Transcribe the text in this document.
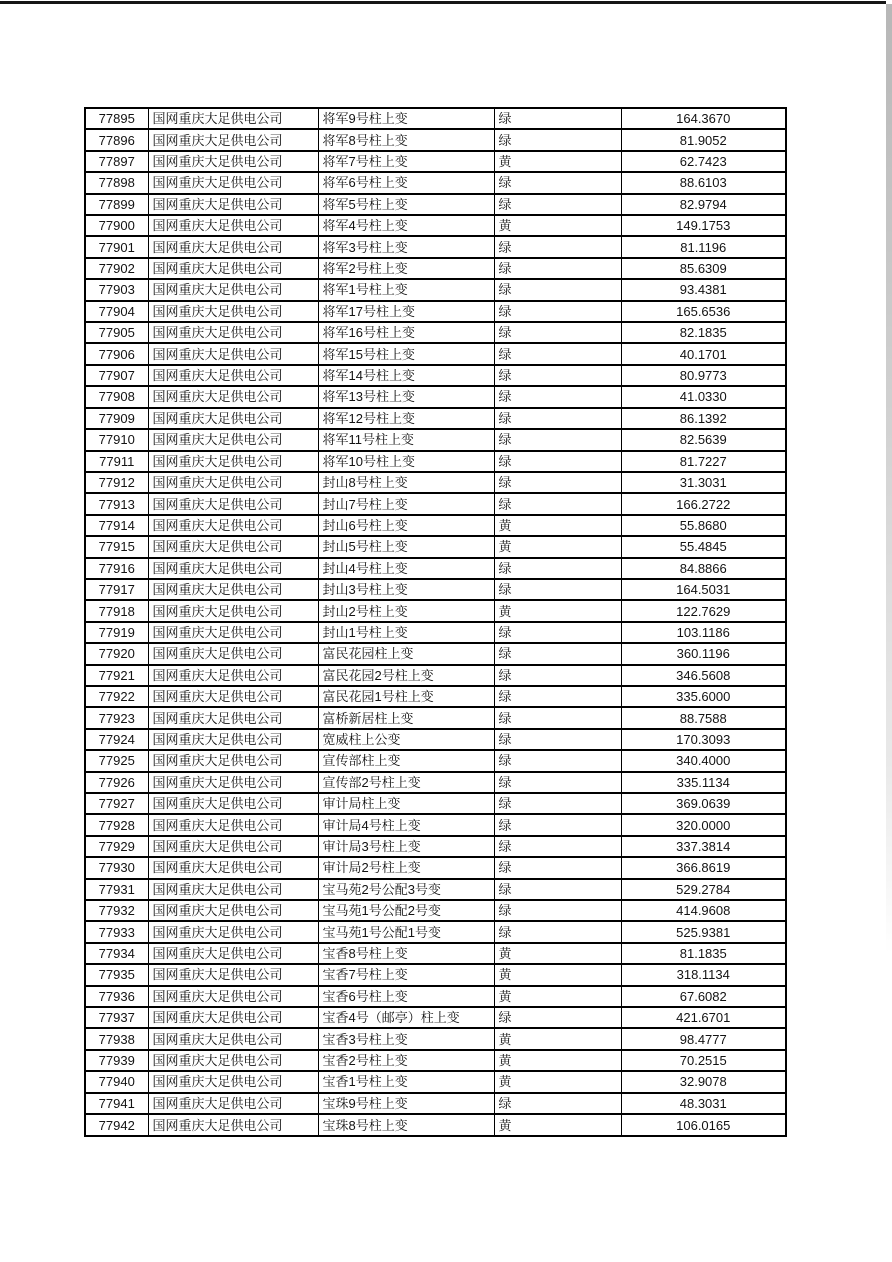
77895	国网重庆大足供电公司	将军9号柱上变	绿	164.3670
77896	国网重庆大足供电公司	将军8号柱上变	绿	81.9052
77897	国网重庆大足供电公司	将军7号柱上变	黄	62.7423
77898	国网重庆大足供电公司	将军6号柱上变	绿	88.6103
77899	国网重庆大足供电公司	将军5号柱上变	绿	82.9794
77900	国网重庆大足供电公司	将军4号柱上变	黄	149.1753
77901	国网重庆大足供电公司	将军3号柱上变	绿	81.1196
77902	国网重庆大足供电公司	将军2号柱上变	绿	85.6309
77903	国网重庆大足供电公司	将军1号柱上变	绿	93.4381
77904	国网重庆大足供电公司	将军17号柱上变	绿	165.6536
77905	国网重庆大足供电公司	将军16号柱上变	绿	82.1835
77906	国网重庆大足供电公司	将军15号柱上变	绿	40.1701
77907	国网重庆大足供电公司	将军14号柱上变	绿	80.9773
77908	国网重庆大足供电公司	将军13号柱上变	绿	41.0330
77909	国网重庆大足供电公司	将军12号柱上变	绿	86.1392
77910	国网重庆大足供电公司	将军11号柱上变	绿	82.5639
77911	国网重庆大足供电公司	将军10号柱上变	绿	81.7227
77912	国网重庆大足供电公司	封山8号柱上变	绿	31.3031
77913	国网重庆大足供电公司	封山7号柱上变	绿	166.2722
77914	国网重庆大足供电公司	封山6号柱上变	黄	55.8680
77915	国网重庆大足供电公司	封山5号柱上变	黄	55.4845
77916	国网重庆大足供电公司	封山4号柱上变	绿	84.8866
77917	国网重庆大足供电公司	封山3号柱上变	绿	164.5031
77918	国网重庆大足供电公司	封山2号柱上变	黄	122.7629
77919	国网重庆大足供电公司	封山1号柱上变	绿	103.1186
77920	国网重庆大足供电公司	富民花园柱上变	绿	360.1196
77921	国网重庆大足供电公司	富民花园2号柱上变	绿	346.5608
77922	国网重庆大足供电公司	富民花园1号柱上变	绿	335.6000
77923	国网重庆大足供电公司	富桥新居柱上变	绿	88.7588
77924	国网重庆大足供电公司	宽威柱上公变	绿	170.3093
77925	国网重庆大足供电公司	宣传部柱上变	绿	340.4000
77926	国网重庆大足供电公司	宣传部2号柱上变	绿	335.1134
77927	国网重庆大足供电公司	审计局柱上变	绿	369.0639
77928	国网重庆大足供电公司	审计局4号柱上变	绿	320.0000
77929	国网重庆大足供电公司	审计局3号柱上变	绿	337.3814
77930	国网重庆大足供电公司	审计局2号柱上变	绿	366.8619
77931	国网重庆大足供电公司	宝马苑2号公配3号变	绿	529.2784
77932	国网重庆大足供电公司	宝马苑1号公配2号变	绿	414.9608
77933	国网重庆大足供电公司	宝马苑1号公配1号变	绿	525.9381
77934	国网重庆大足供电公司	宝香8号柱上变	黄	81.1835
77935	国网重庆大足供电公司	宝香7号柱上变	黄	318.1134
77936	国网重庆大足供电公司	宝香6号柱上变	黄	67.6082
77937	国网重庆大足供电公司	宝香4号（邮亭）柱上变	绿	421.6701
77938	国网重庆大足供电公司	宝香3号柱上变	黄	98.4777
77939	国网重庆大足供电公司	宝香2号柱上变	黄	70.2515
77940	国网重庆大足供电公司	宝香1号柱上变	黄	32.9078
77941	国网重庆大足供电公司	宝珠9号柱上变	绿	48.3031
77942	国网重庆大足供电公司	宝珠8号柱上变	黄	106.0165
